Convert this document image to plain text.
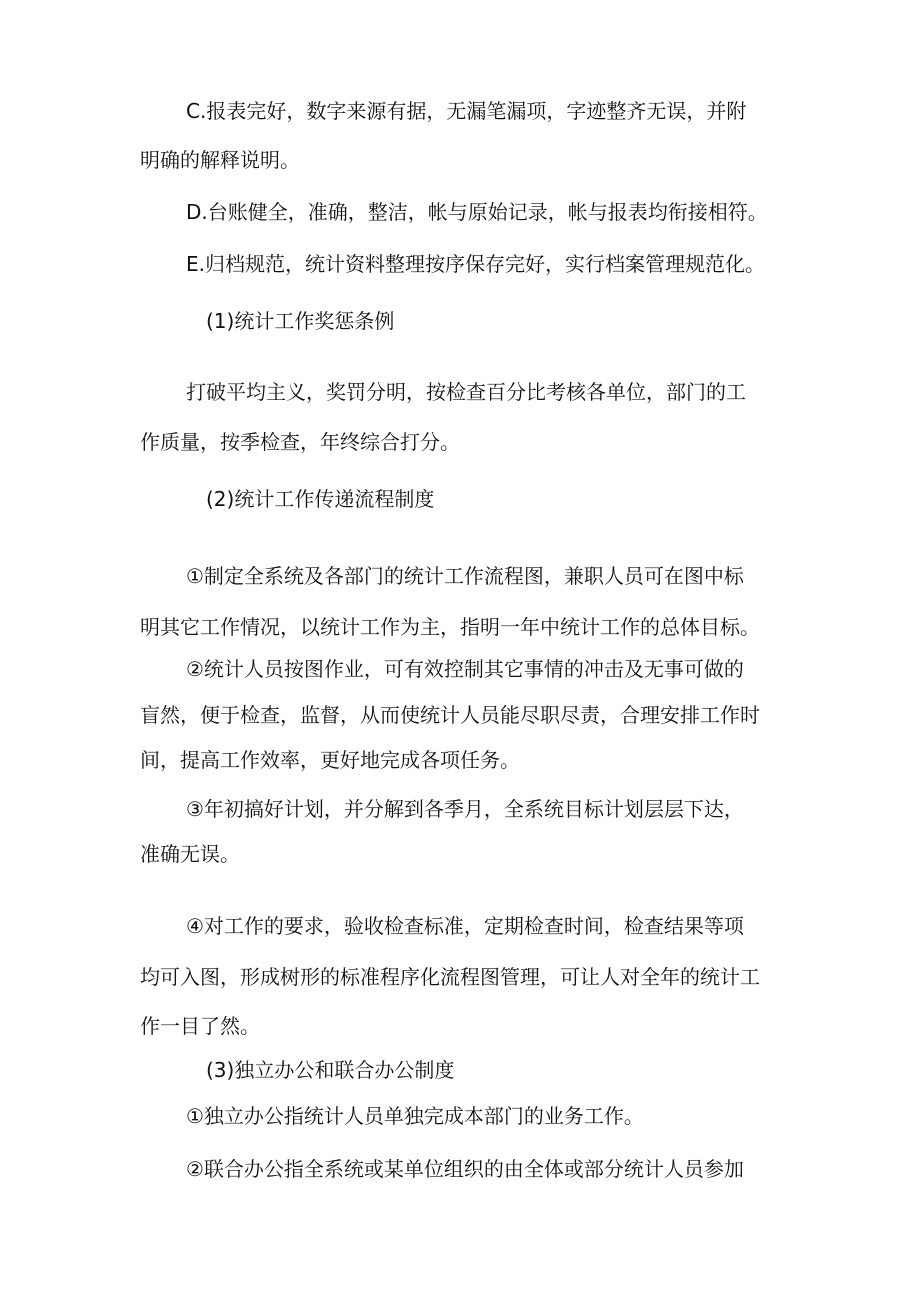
C.报表完好，数字来源有据，无漏笔漏项，字迹整齐无误，并附

明确的解释说明。

D.台账健全，准确，整洁，帐与原始记录，帐与报表均衔接相符。

E.归档规范，统计资料整理按序保存完好，实行档案管理规范化。

(1)统计工作奖惩条例

打破平均主义，奖罚分明，按检查百分比考核各单位，部门的工

作质量，按季检查，年终综合打分。

(2)统计工作传递流程制度

①制定全系统及各部门的统计工作流程图，兼职人员可在图中标

明其它工作情况，以统计工作为主，指明一年中统计工作的总体目标。

②统计人员按图作业，可有效控制其它事情的冲击及无事可做的

盲然，便于检查，监督，从而使统计人员能尽职尽责，合理安排工作时

间，提高工作效率，更好地完成各项任务。

③年初搞好计划，并分解到各季月，全系统目标计划层层下达，

准确无误。

④对工作的要求，验收检查标准，定期检查时间，检查结果等项

均可入图，形成树形的标准程序化流程图管理，可让人对全年的统计工

作一目了然。

(3)独立办公和联合办公制度

①独立办公指统计人员单独完成本部门的业务工作。

②联合办公指全系统或某单位组织的由全体或部分统计人员参加
